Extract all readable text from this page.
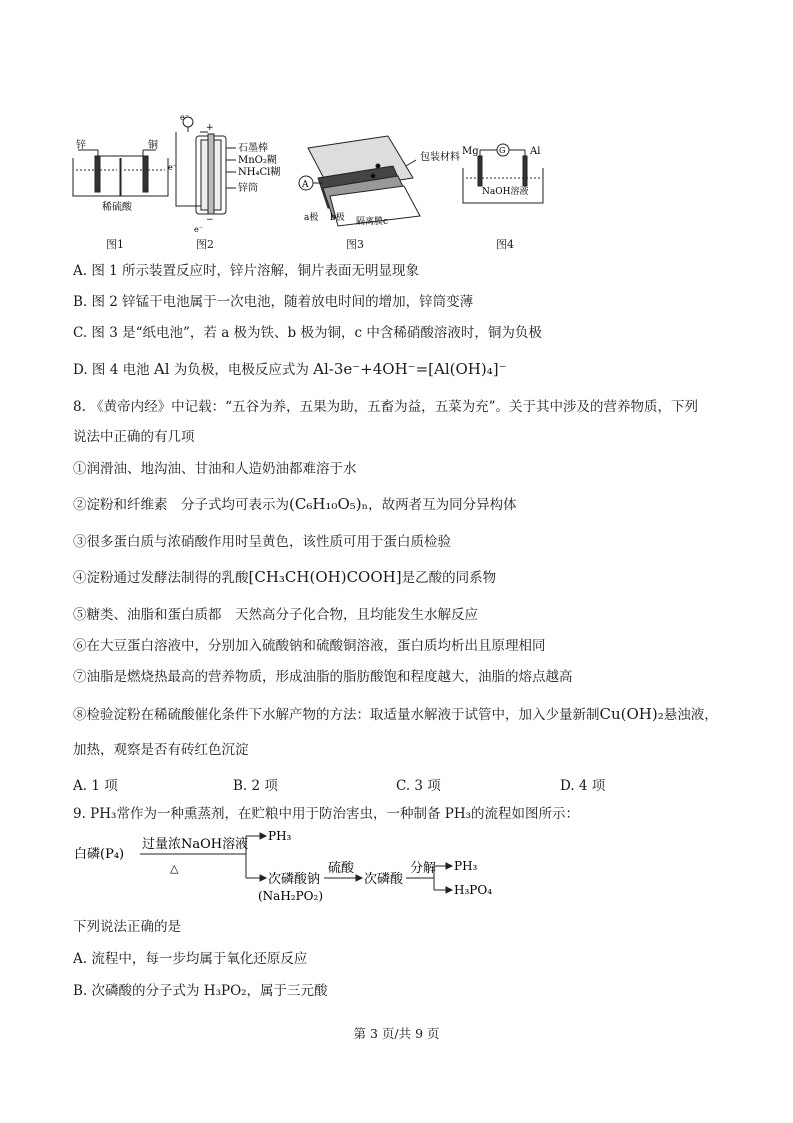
锌	铜
稀硫酸
e⁻
+
−
e⁻
e⁻
石墨棒
MnO₂糊
NH₄Cl糊
锌筒
包装材料
A
a极 b极 隔离膜c
Mg	G Al
NaOH溶液
图1	图2	图3	图4
A. 图 1 所示装置反应时，锌片溶解，铜片表面无明显现象
B. 图 2 锌锰干电池属于一次电池，随着放电时间的增加，锌筒变薄
C. 图 3 是“纸电池”，若 a 极为铁、b 极为铜，c 中含稀硝酸溶液时，铜为负极
D. 图 4 电池 Al 为负极，电极反应式为 Al-3e⁻+4OH⁻=[Al(OH)₄]⁻
8. 《黄帝内经》中记载：“五谷为养，五果为助，五畜为益，五菜为充”。关于其中涉及的营养物质，下列
说法中正确的有几项
①润滑油、地沟油、甘油和人造奶油都难溶于水
②淀粉和纤维素　分子式均可表示为(C₆H₁₀O₅)ₙ，故两者互为同分异构体
③很多蛋白质与浓硝酸作用时呈黄色，该性质可用于蛋白质检验
④淀粉通过发酵法制得的乳酸[CH₃CH(OH)COOH]是乙酸的同系物
⑤糖类、油脂和蛋白质都　天然高分子化合物，且均能发生水解反应
⑥在大豆蛋白溶液中，分别加入硫酸钠和硫酸铜溶液，蛋白质均析出且原理相同
⑦油脂是燃烧热最高的营养物质，形成油脂的脂肪酸饱和程度越大，油脂的熔点越高
⑧检验淀粉在稀硫酸催化条件下水解产物的方法：取适量水解液于试管中，加入少量新制Cu(OH)₂悬浊液，
加热，观察是否有砖红色沉淀
A. 1 项	B. 2 项	C. 3 项	D. 4 项
9. PH₃常作为一种熏蒸剂，在贮粮中用于防治害虫，一种制备 PH₃的流程如图所示：
白磷(P₄)
过量浓NaOH溶液
△
PH₃
次磷酸钠
(NaH₂PO₂)
硫酸
次磷酸
分解 PH₃
H₃PO₄
下列说法正确的是
A. 流程中，每一步均属于氧化还原反应
B. 次磷酸的分子式为 H₃PO₂，属于三元酸
第 3 页/共 9 页
